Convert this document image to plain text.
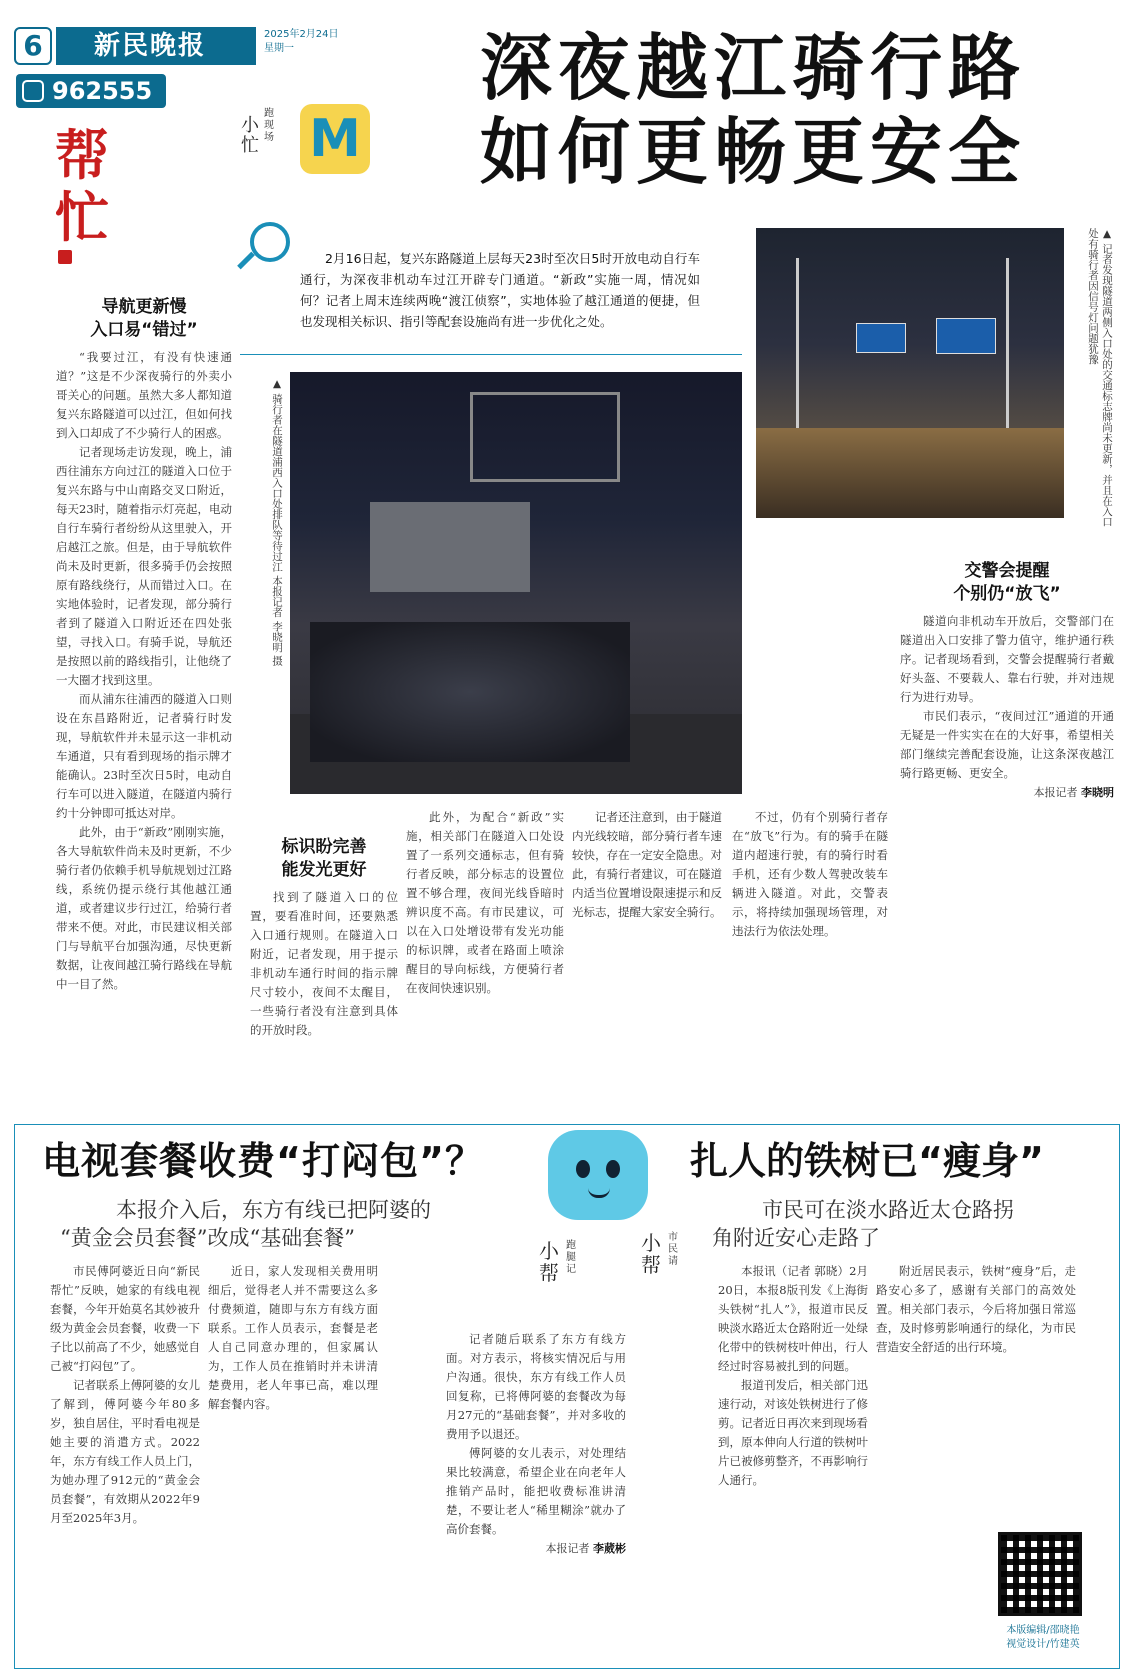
6	新民晚报	2025年2月24日
星期一
962555
帮忙
深夜越江骑行路
如何更畅更安全
小忙
跑现场 M
2月16日起，复兴东路隧道上层每天23时至次日5时开放电动自行车通行，为深夜非机动车过江开辟专门通道。“新政”实施一周，情况如何？记者上周末连续两晚“渡江侦察”，实地体验了越江通道的便捷，但也发现相关标识、指引等配套设施尚有进一步优化之处。	▲ 记者发现隧道两侧入口处的交通标志牌尚未更新，并且在入口处有骑行者因信号灯问题犹豫
▲ 骑行者在隧道浦西入口处排队等待过江 本报记者 李晓明 摄
导航更新慢
入口易“错过”

“我要过江，有没有快速通道？”这是不少深夜骑行的外卖小哥关心的问题。虽然大多人都知道复兴东路隧道可以过江，但如何找到入口却成了不少骑行人的困惑。

记者现场走访发现，晚上，浦西往浦东方向过江的隧道入口位于复兴东路与中山南路交叉口附近，每天23时，随着指示灯亮起，电动自行车骑行者纷纷从这里驶入，开启越江之旅。但是，由于导航软件尚未及时更新，很多骑手仍会按照原有路线绕行，从而错过入口。在实地体验时，记者发现，部分骑行者到了隧道入口附近还在四处张望，寻找入口。有骑手说，导航还是按照以前的路线指引，让他绕了一大圈才找到这里。

而从浦东往浦西的隧道入口则设在东昌路附近，记者骑行时发现，导航软件并未显示这一非机动车通道，只有看到现场的指示牌才能确认。23时至次日5时，电动自行车可以进入隧道，在隧道内骑行约十分钟即可抵达对岸。

此外，由于“新政”刚刚实施，各大导航软件尚未及时更新，不少骑行者仍依赖手机导航规划过江路线，系统仍提示绕行其他越江通道，或者建议步行过江，给骑行者带来不便。对此，市民建议相关部门与导航平台加强沟通，尽快更新数据，让夜间越江骑行路线在导航中一目了然。

标识盼完善
能发光更好

找到了隧道入口的位置，要看准时间，还要熟悉入口通行规则。在隧道入口附近，记者发现，用于提示非机动车通行时间的指示牌尺寸较小，夜间不太醒目，一些骑行者没有注意到具体的开放时段。

此外，为配合“新政”实施，相关部门在隧道入口处设置了一系列交通标志，但有骑行者反映，部分标志的设置位置不够合理，夜间光线昏暗时辨识度不高。有市民建议，可以在入口处增设带有发光功能的标识牌，或者在路面上喷涂醒目的导向标线，方便骑行者在夜间快速识别。

记者还注意到，由于隧道内光线较暗，部分骑行者车速较快，存在一定安全隐患。对此，有骑行者建议，可在隧道内适当位置增设限速提示和反光标志，提醒大家安全骑行。

不过，仍有个别骑行者存在“放飞”行为。有的骑手在隧道内超速行驶，有的骑行时看手机，还有少数人驾驶改装车辆进入隧道。对此，交警表示，将持续加强现场管理，对违法行为依法处理。

交警会提醒
个别仍“放飞”

隧道向非机动车开放后，交警部门在隧道出入口安排了警力值守，维护通行秩序。记者现场看到，交警会提醒骑行者戴好头盔、不要载人、靠右行驶，并对违规行为进行劝导。

市民们表示，“夜间过江”通道的开通无疑是一件实实在在的大好事，希望相关部门继续完善配套设施，让这条深夜越江骑行路更畅、更安全。

本报记者 李晓明
电视套餐收费“打闷包”？
本报介入后，东方有线已把阿婆的
“黄金会员套餐”改成“基础套餐”
扎人的铁树已“瘦身”
市民可在淡水路近太仓路拐
角附近安心走路了
小帮
跑腿记
小帮
市民请

市民傅阿婆近日向“新民帮忙”反映，她家的有线电视套餐，今年开始莫名其妙被升级为黄金会员套餐，收费一下子比以前高了不少，她感觉自己被“打闷包”了。

记者联系上傅阿婆的女儿了解到，傅阿婆今年80多岁，独自居住，平时看电视是她主要的消遣方式。2022年，东方有线工作人员上门，为她办理了912元的“黄金会员套餐”，有效期从2022年9月至2025年3月。

近日，家人发现相关费用明细后，觉得老人并不需要这么多付费频道，随即与东方有线方面联系。工作人员表示，套餐是老人自己同意办理的，但家属认为，工作人员在推销时并未讲清楚费用，老人年事已高，难以理解套餐内容。

记者随后联系了东方有线方面。对方表示，将核实情况后与用户沟通。很快，东方有线工作人员回复称，已将傅阿婆的套餐改为每月27元的“基础套餐”，并对多收的费用予以退还。

傅阿婆的女儿表示，对处理结果比较满意，希望企业在向老年人推销产品时，能把收费标准讲清楚，不要让老人“稀里糊涂”就办了高价套餐。

本报记者 李葳彬

本报讯（记者 郭晓）2月20日，本报8版刊发《上海街头铁树“扎人”》，报道市民反映淡水路近太仓路附近一处绿化带中的铁树枝叶伸出，行人经过时容易被扎到的问题。

报道刊发后，相关部门迅速行动，对该处铁树进行了修剪。记者近日再次来到现场看到，原本伸向人行道的铁树叶片已被修剪整齐，不再影响行人通行。

附近居民表示，铁树“瘦身”后，走路安心多了，感谢有关部门的高效处置。相关部门表示，今后将加强日常巡查，及时修剪影响通行的绿化，为市民营造安全舒适的出行环境。

本版编辑/邵晓艳
视觉设计/竹建英
